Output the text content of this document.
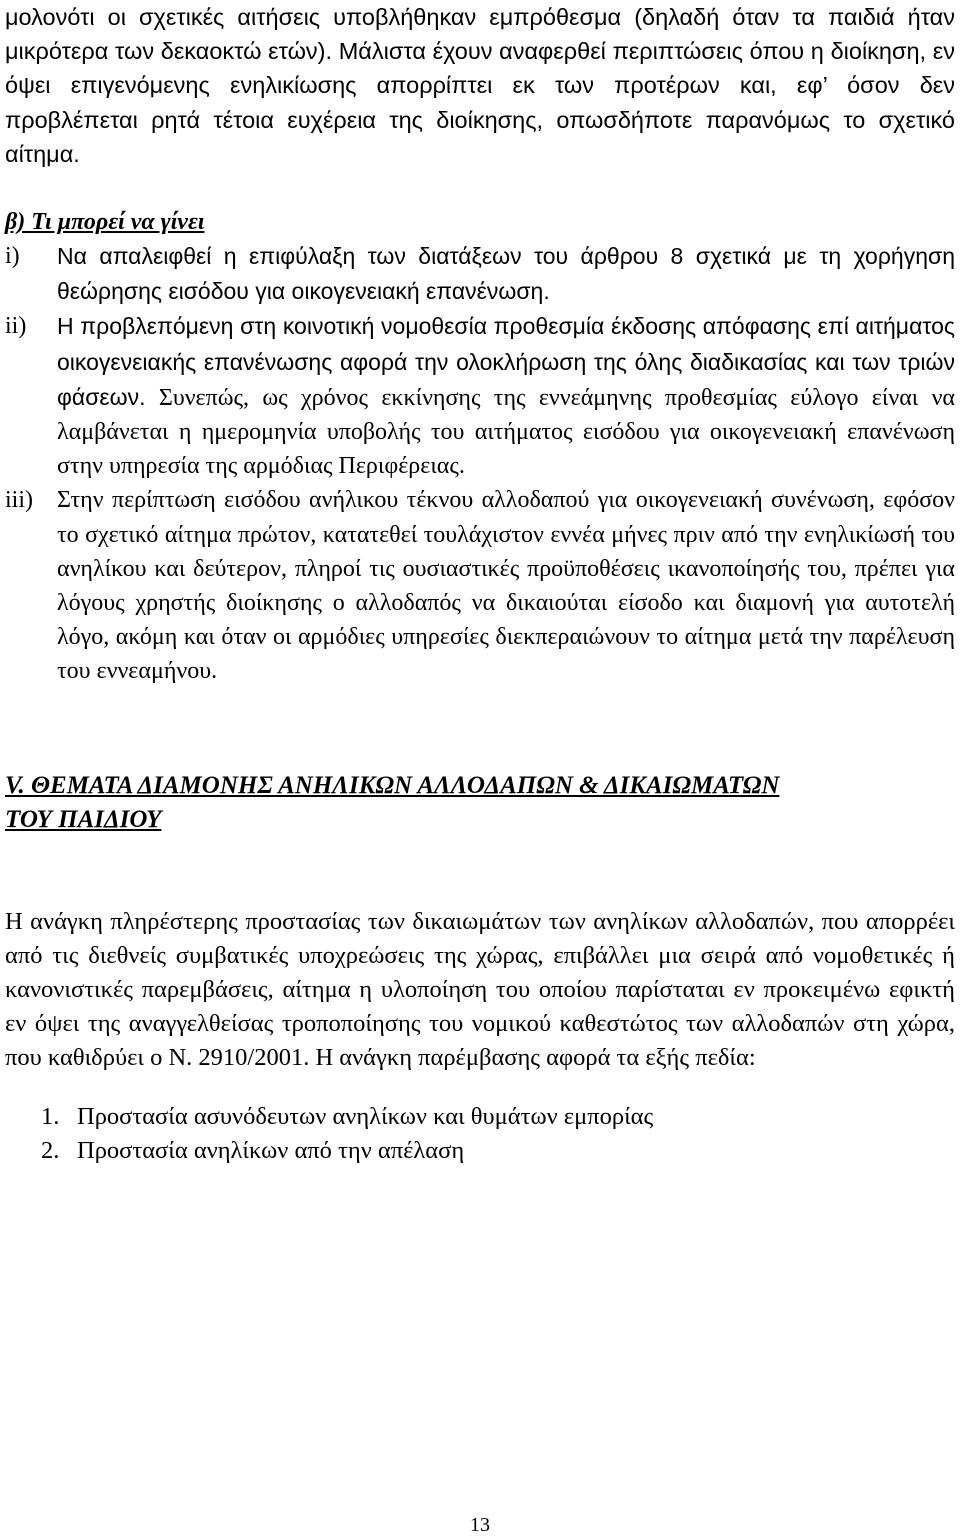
μολονότι οι σχετικές αιτήσεις υποβλήθηκαν εμπρόθεσμα (δηλαδή όταν τα παιδιά ήταν μικρότερα των δεκαοκτώ ετών). Μάλιστα έχουν αναφερθεί περιπτώσεις όπου η διοίκηση, εν όψει επιγενόμενης ενηλικίωσης απορρίπτει εκ των προτέρων και, εφ’ όσον δεν προβλέπεται ρητά τέτοια ευχέρεια της διοίκησης, οπωσδήποτε παρανόμως το σχετικό αίτημα.

β) Τι μπορεί να γίνει
i) Να απαλειφθεί η επιφύλαξη των διατάξεων του άρθρου 8 σχετικά με τη χορήγηση θεώρησης εισόδου για οικογενειακή επανένωση.
ii) Η προβλεπόμενη στη κοινοτική νομοθεσία προθεσμία έκδοσης απόφασης επί αιτήματος οικογενειακής επανένωσης αφορά την ολοκλήρωση της όλης διαδικασίας και των τριών φάσεων. Συνεπώς, ως χρόνος εκκίνησης της εννεάμηνης προθεσμίας εύλογο είναι να λαμβάνεται η ημερομηνία υποβολής του αιτήματος εισόδου για οικογενειακή επανένωση στην υπηρεσία της αρμόδιας Περιφέρειας.
iii) Στην περίπτωση εισόδου ανήλικου τέκνου αλλοδαπού για οικογενειακή συνένωση, εφόσον το σχετικό αίτημα πρώτον, κατατεθεί τουλάχιστον εννέα μήνες πριν από την ενηλικίωσή του ανηλίκου και δεύτερον, πληροί τις ουσιαστικές προϋποθέσεις ικανοποίησής του, πρέπει για λόγους χρηστής διοίκησης ο αλλοδαπός να δικαιούται είσοδο και διαμονή για αυτοτελή λόγο, ακόμη και όταν οι αρμόδιες υπηρεσίες διεκπεραιώνουν το αίτημα μετά την παρέλευση του εννεαμήνου.

V. ΘΕΜΑΤΑ ΔΙΑΜΟΝΗΣ ΑΝΗΛΙΚΩΝ ΑΛΛΟΔΑΠΩΝ & ΔΙΚΑΙΩΜΑΤΩΝ

ΤΟΥ ΠΑΙΔΙΟΥ

Η ανάγκη πληρέστερης προστασίας των δικαιωμάτων των ανηλίκων αλλοδαπών, που απορρέει από τις διεθνείς συμβατικές υποχρεώσεις της χώρας, επιβάλλει μια σειρά από νομοθετικές ή κανονιστικές παρεμβάσεις, αίτημα η υλοποίηση του οποίου παρίσταται εν προκειμένω εφικτή εν όψει της αναγγελθείσας τροποποίησης του νομικού καθεστώτος των αλλοδαπών στη χώρα, που καθιδρύει ο Ν. 2910/2001. Η ανάγκη παρέμβασης αφορά τα εξής πεδία:

1. Προστασία ασυνόδευτων ανηλίκων και θυμάτων εμπορίας
2. Προστασία ανηλίκων από την απέλαση
13
